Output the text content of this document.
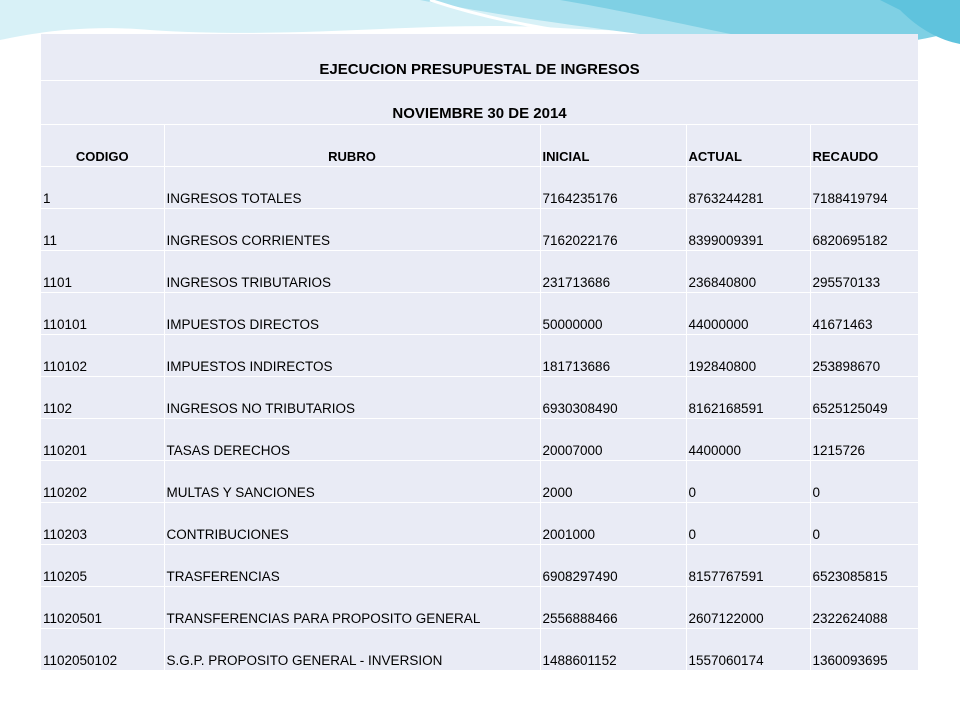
EJECUCION PRESUPUESTAL DE INGRESOS				
NOVIEMBRE 30 DE 2014				
CODIGO	RUBRO	INICIAL	ACTUAL	RECAUDO
1	INGRESOS TOTALES	7164235176	8763244281	7188419794
11	INGRESOS CORRIENTES	7162022176	8399009391	6820695182
1101	INGRESOS TRIBUTARIOS	231713686	236840800	295570133
110101	IMPUESTOS DIRECTOS	50000000	44000000	41671463
110102	IMPUESTOS INDIRECTOS	181713686	192840800	253898670
1102	INGRESOS NO TRIBUTARIOS	6930308490	8162168591	6525125049
110201	TASAS DERECHOS	20007000	4400000	1215726
110202	MULTAS Y SANCIONES	2000	0	0
110203	CONTRIBUCIONES	2001000	0	0
110205	TRASFERENCIAS	6908297490	8157767591	6523085815
11020501	TRANSFERENCIAS PARA PROPOSITO GENERAL	2556888466	2607122000	2322624088
1102050102	S.G.P. PROPOSITO GENERAL - INVERSION	1488601152	1557060174	1360093695
